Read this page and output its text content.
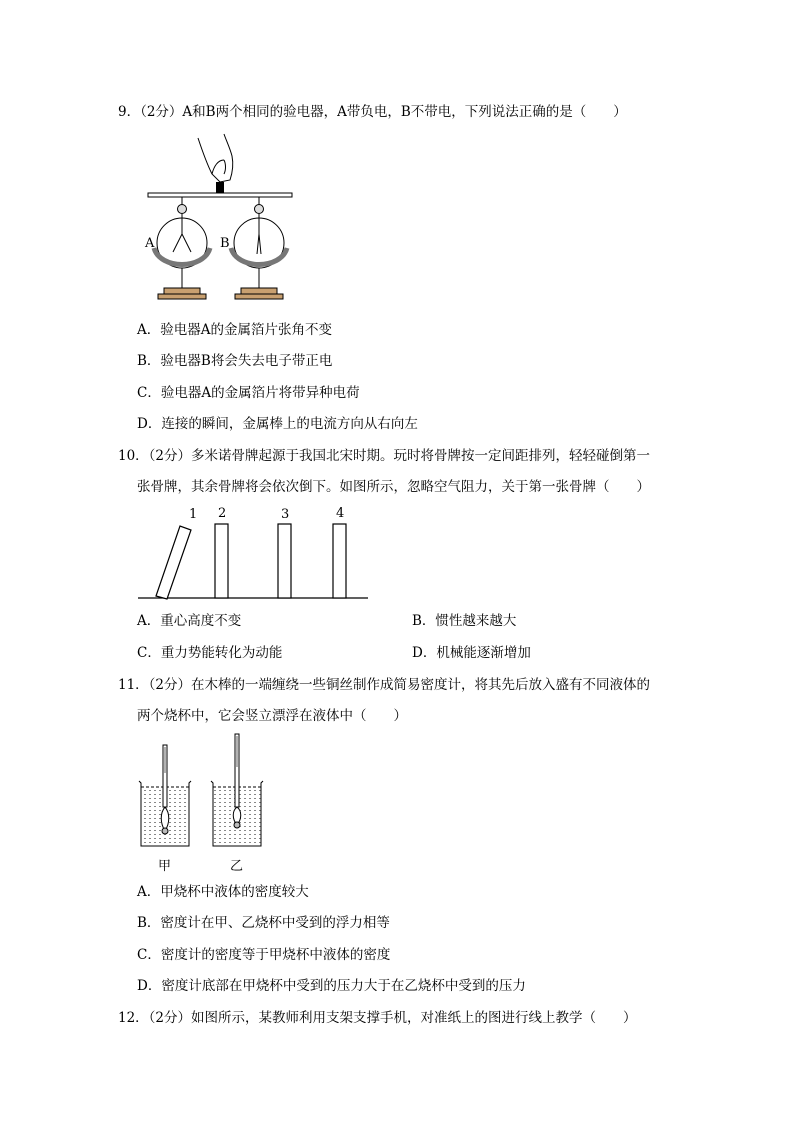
9．（2分）A和B两个相同的验电器，A带负电，B不带电，下列说法正确的是（　　）
A	B
A．验电器A的金属箔片张角不变
B．验电器B将会失去电子带正电
C．验电器A的金属箔片将带异种电荷
D．连接的瞬间，金属棒上的电流方向从右向左
10．（2分）多米诺骨牌起源于我国北宋时期。玩时将骨牌按一定间距排列，轻轻碰倒第一
张骨牌，其余骨牌将会依次倒下。如图所示，忽略空气阻力，关于第一张骨牌（　　）
1 2	3	4
A．重心高度不变	B．惯性越来越大
C．重力势能转化为动能	D．机械能逐渐增加
11．（2分）在木棒的一端缠绕一些铜丝制作成简易密度计，将其先后放入盛有不同液体的
两个烧杯中，它会竖立漂浮在液体中（　　）
甲	乙
A．甲烧杯中液体的密度较大
B．密度计在甲、乙烧杯中受到的浮力相等
C．密度计的密度等于甲烧杯中液体的密度
D．密度计底部在甲烧杯中受到的压力大于在乙烧杯中受到的压力
12．（2分）如图所示，某教师利用支架支撑手机，对准纸上的图进行线上教学（　　）
